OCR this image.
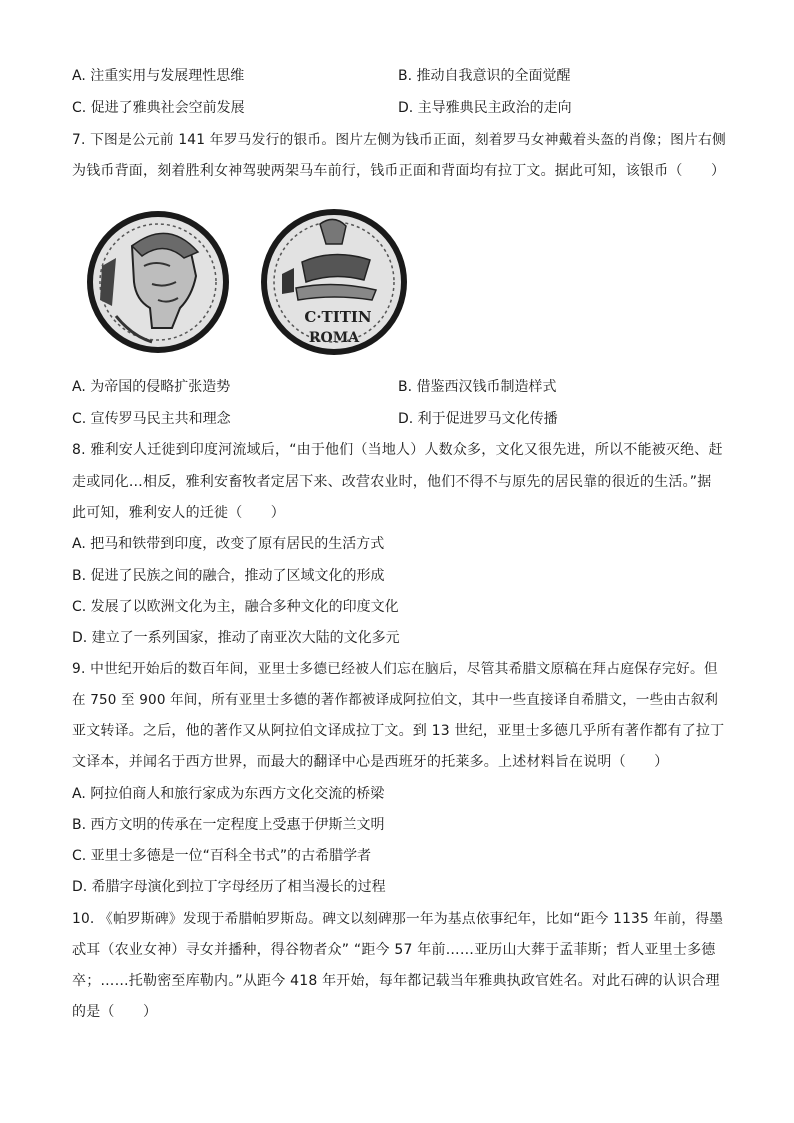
A. 注重实用与发展理性思维	B. 推动自我意识的全面觉醒
C. 促进了雅典社会空前发展	D. 主导雅典民主政治的走向
7. 下图是公元前 141 年罗马发行的银币。图片左侧为钱币正面，刻着罗马女神戴着头盔的肖像；图片右侧
为钱币背面，刻着胜利女神驾驶两架马车前行，钱币正面和背面均有拉丁文。据此可知，该银币（　　）
C·TITIN
ROMA
A. 为帝国的侵略扩张造势	B. 借鉴西汉钱币制造样式
C. 宣传罗马民主共和理念	D. 利于促进罗马文化传播
8. 雅利安人迁徙到印度河流域后，“由于他们（当地人）人数众多，文化又很先进，所以不能被灭绝、赶
走或同化…相反，雅利安畜牧者定居下来、改营农业时，他们不得不与原先的居民靠的很近的生活。”据
此可知，雅利安人的迁徙（　　）
A. 把马和铁带到印度，改变了原有居民的生活方式
B. 促进了民族之间的融合，推动了区域文化的形成
C. 发展了以欧洲文化为主，融合多种文化的印度文化
D. 建立了一系列国家，推动了南亚次大陆的文化多元
9. 中世纪开始后的数百年间，亚里士多德已经被人们忘在脑后，尽管其希腊文原稿在拜占庭保存完好。但
在 750 至 900 年间，所有亚里士多德的著作都被译成阿拉伯文，其中一些直接译自希腊文，一些由古叙利
亚文转译。之后，他的著作又从阿拉伯文译成拉丁文。到 13 世纪，亚里士多德几乎所有著作都有了拉丁
文译本，并闻名于西方世界，而最大的翻译中心是西班牙的托莱多。上述材料旨在说明（　　）
A. 阿拉伯商人和旅行家成为东西方文化交流的桥梁
B. 西方文明的传承在一定程度上受惠于伊斯兰文明
C. 亚里士多德是一位“百科全书式”的古希腊学者
D. 希腊字母演化到拉丁字母经历了相当漫长的过程
10. 《帕罗斯碑》发现于希腊帕罗斯岛。碑文以刻碑那一年为基点依事纪年，比如“距今 1135 年前，得墨
忒耳（农业女神）寻女并播种，得谷物者众” “距今 57 年前……亚历山大葬于孟菲斯；哲人亚里士多德
卒；……托勒密至库勒内。”从距今 418 年开始，每年都记载当年雅典执政官姓名。对此石碑的认识合理
的是（　　）
